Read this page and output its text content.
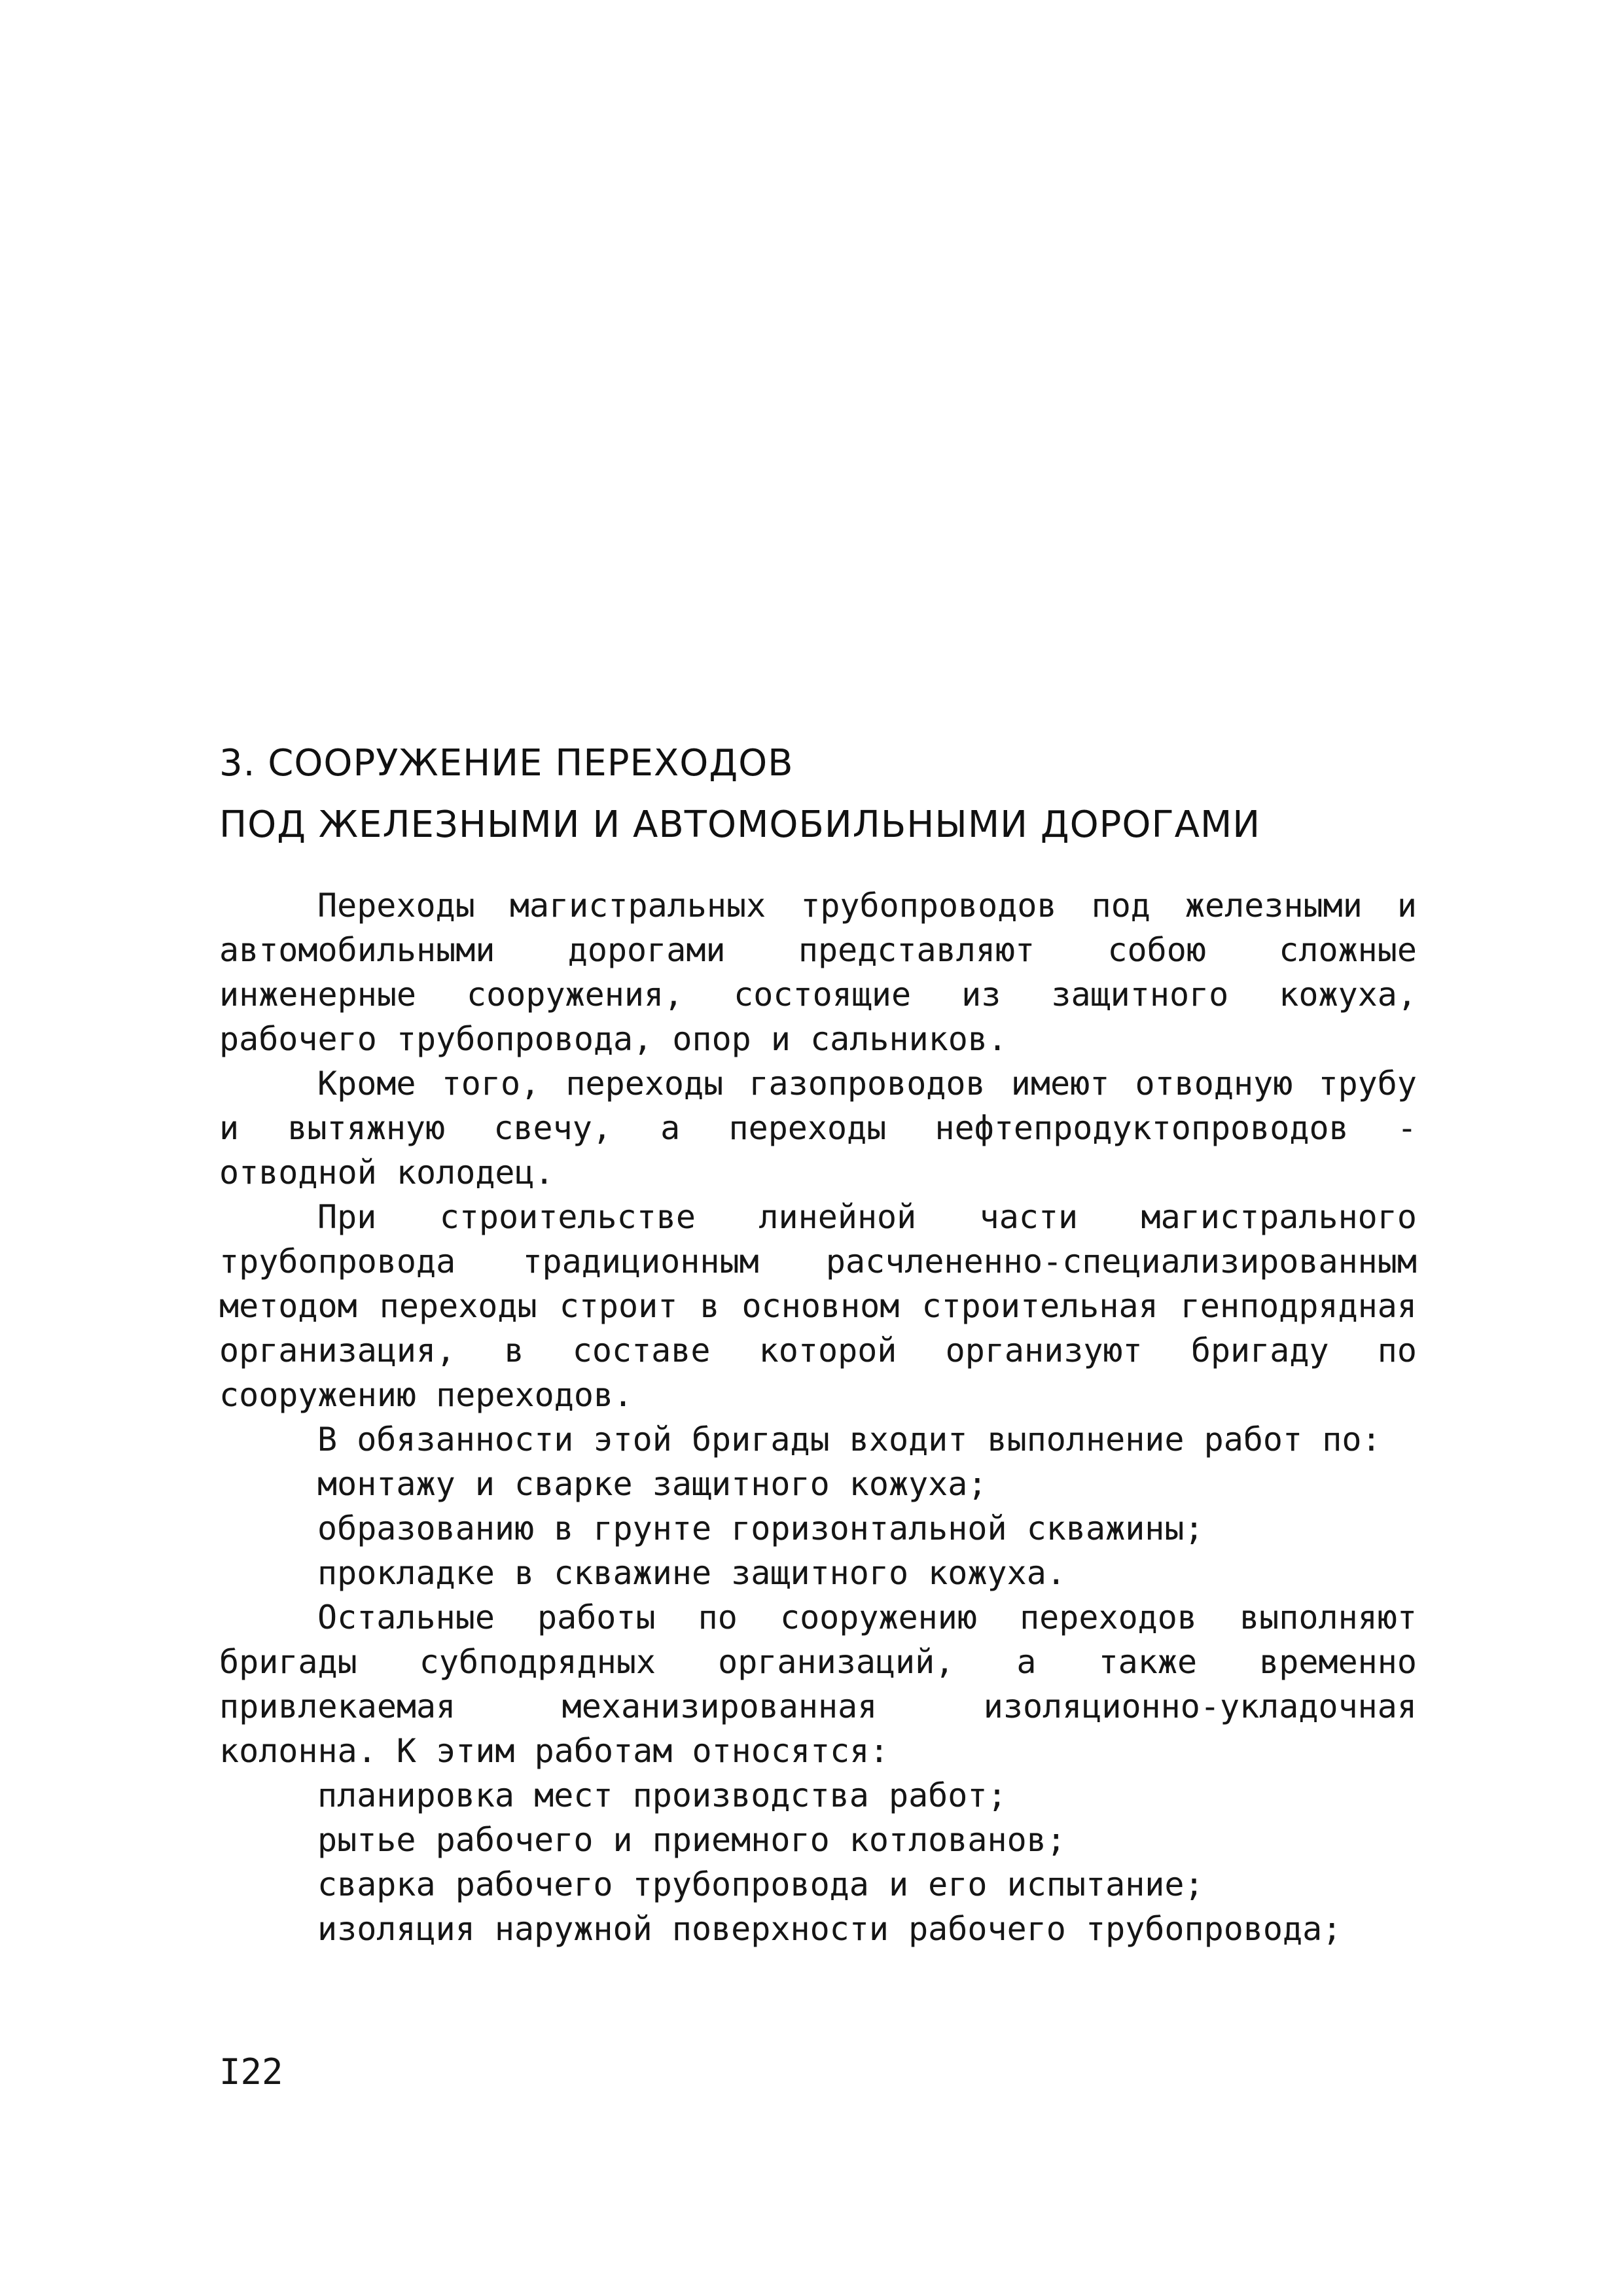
3. СООРУЖЕНИЕ ПЕРЕХОДОВ
ПОД ЖЕЛЕЗНЫМИ И АВТОМОБИЛЬНЫМИ ДОРОГАМИ

Переходы магистральных трубопроводов под железными и автомобильными дорогами представляют собою сложные инженерные сооружения, состоящие из защитного кожуха, рабочего трубопровода, опор и сальников.

Кроме того, переходы газопроводов имеют отводную трубу и вытяжную свечу, а переходы нефтепродуктопроводов - отводной колодец.

При строительстве линейной части магистрального трубопровода традиционным расчлененно-специализированным методом переходы строит в основном строительная генподрядная организация, в составе которой организуют бригаду по сооружению переходов.

В обязанности этой бригады входит выполнение работ по:

монтажу и сварке защитного кожуха;
образованию в грунте горизонтальной скважины;
прокладке в скважине защитного кожуха.

Остальные работы по сооружению переходов выполняют бригады субподрядных организаций, а также временно привлекаемая механизированная изоляционно-укладочная колонна. К этим работам относятся:

планировка мест производства работ;
рытье рабочего и приемного котлованов;
сварка рабочего трубопровода и его испытание;
изоляция наружной поверхности рабочего трубопровода;
I22
